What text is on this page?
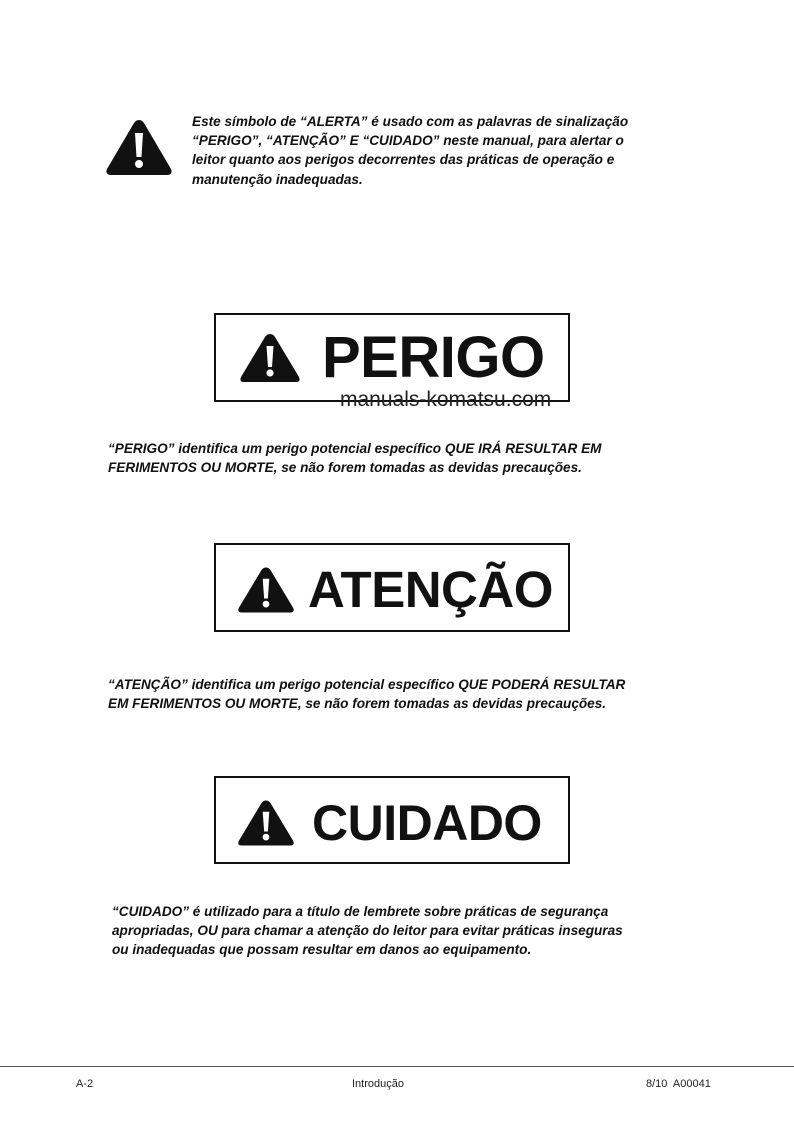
Este símbolo de “ALERTA” é usado com as palavras de sinalização
“PERIGO”, “ATENÇÃO” E “CUIDADO” neste manual, para alertar o
leitor quanto aos perigos decorrentes das práticas de operação e
manutenção inadequadas.
PERIGO
manuals-komatsu.com
“PERIGO” identifica um perigo potencial específico QUE IRÁ RESULTAR EM
FERIMENTOS OU MORTE, se não forem tomadas as devidas precauções.
ATENÇÃO
“ATENÇÃO” identifica um perigo potencial específico QUE PODERÁ RESULTAR
EM FERIMENTOS OU MORTE, se não forem tomadas as devidas precauções.
CUIDADO
“CUIDADO” é utilizado para a título de lembrete sobre práticas de segurança
apropriadas, OU para chamar a atenção do leitor para evitar práticas inseguras
ou inadequadas que possam resultar em danos ao equipamento.
A-2	Introdução	8/10  A00041
